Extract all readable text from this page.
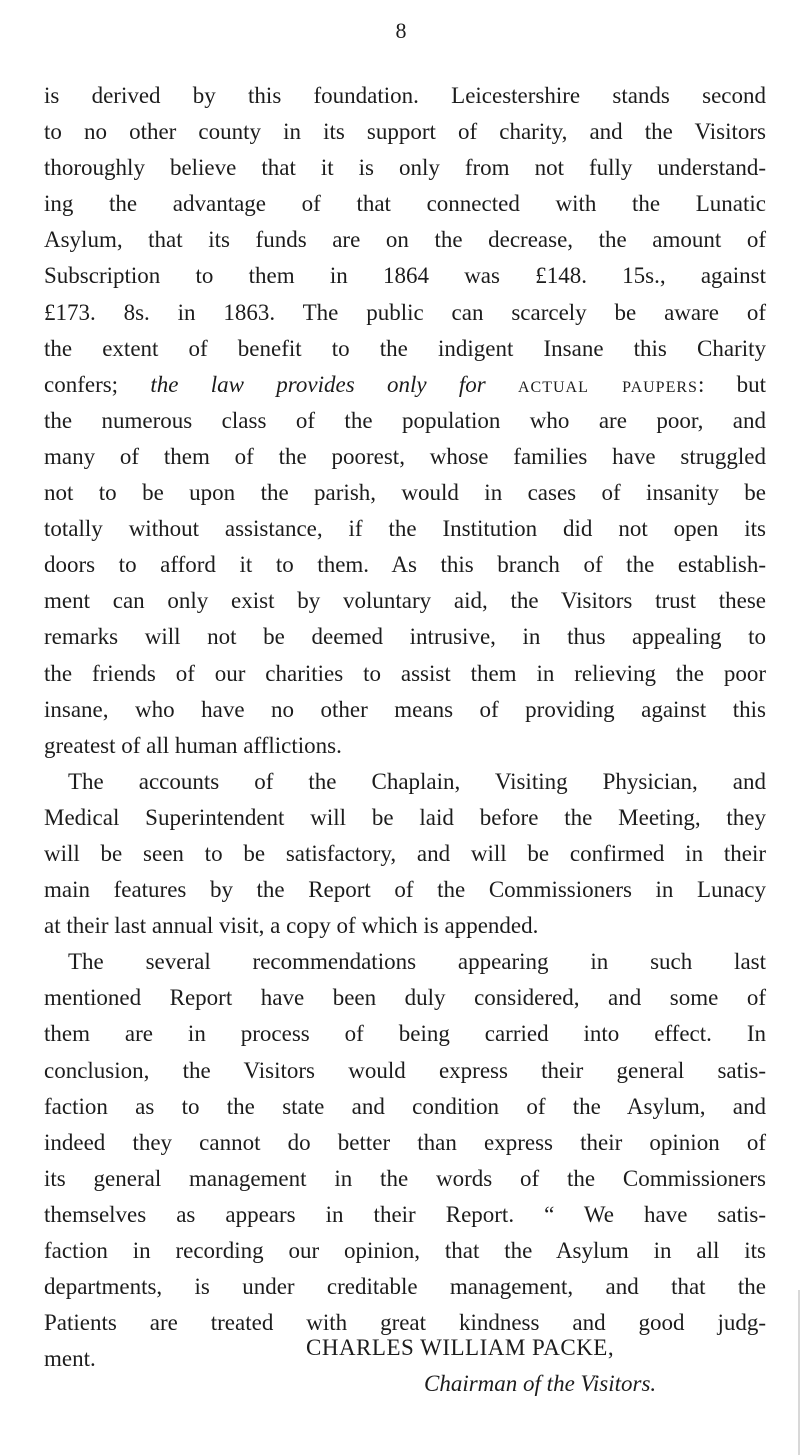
8
is derived by this foundation. Leicestershire stands second
to no other county in its support of charity, and the Visitors
thoroughly believe that it is only from not fully understand-
ing the advantage of that connected with the Lunatic
Asylum, that its funds are on the decrease, the amount of
Subscription to them in 1864 was £148. 15s., against
£173. 8s. in 1863. The public can scarcely be aware of
the extent of benefit to the indigent Insane this Charity
confers; the law provides only for actual paupers: but
the numerous class of the population who are poor, and
many of them of the poorest, whose families have struggled
not to be upon the parish, would in cases of insanity be
totally without assistance, if the Institution did not open its
doors to afford it to them. As this branch of the establish-
ment can only exist by voluntary aid, the Visitors trust these
remarks will not be deemed intrusive, in thus appealing to
the friends of our charities to assist them in relieving the poor
insane, who have no other means of providing against this
greatest of all human afflictions.
The accounts of the Chaplain, Visiting Physician, and
Medical Superintendent will be laid before the Meeting, they
will be seen to be satisfactory, and will be confirmed in their
main features by the Report of the Commissioners in Lunacy
at their last annual visit, a copy of which is appended.
The several recommendations appearing in such last
mentioned Report have been duly considered, and some of
them are in process of being carried into effect. In
conclusion, the Visitors would express their general satis-
faction as to the state and condition of the Asylum, and
indeed they cannot do better than express their opinion of
its general management in the words of the Commissioners
themselves as appears in their Report. “ We have satis-
faction in recording our opinion, that the Asylum in all its
departments, is under creditable management, and that the
Patients are treated with great kindness and good judg-
ment.	CHARLES WILLIAM PACKE,
Chairman of the Visitors.
